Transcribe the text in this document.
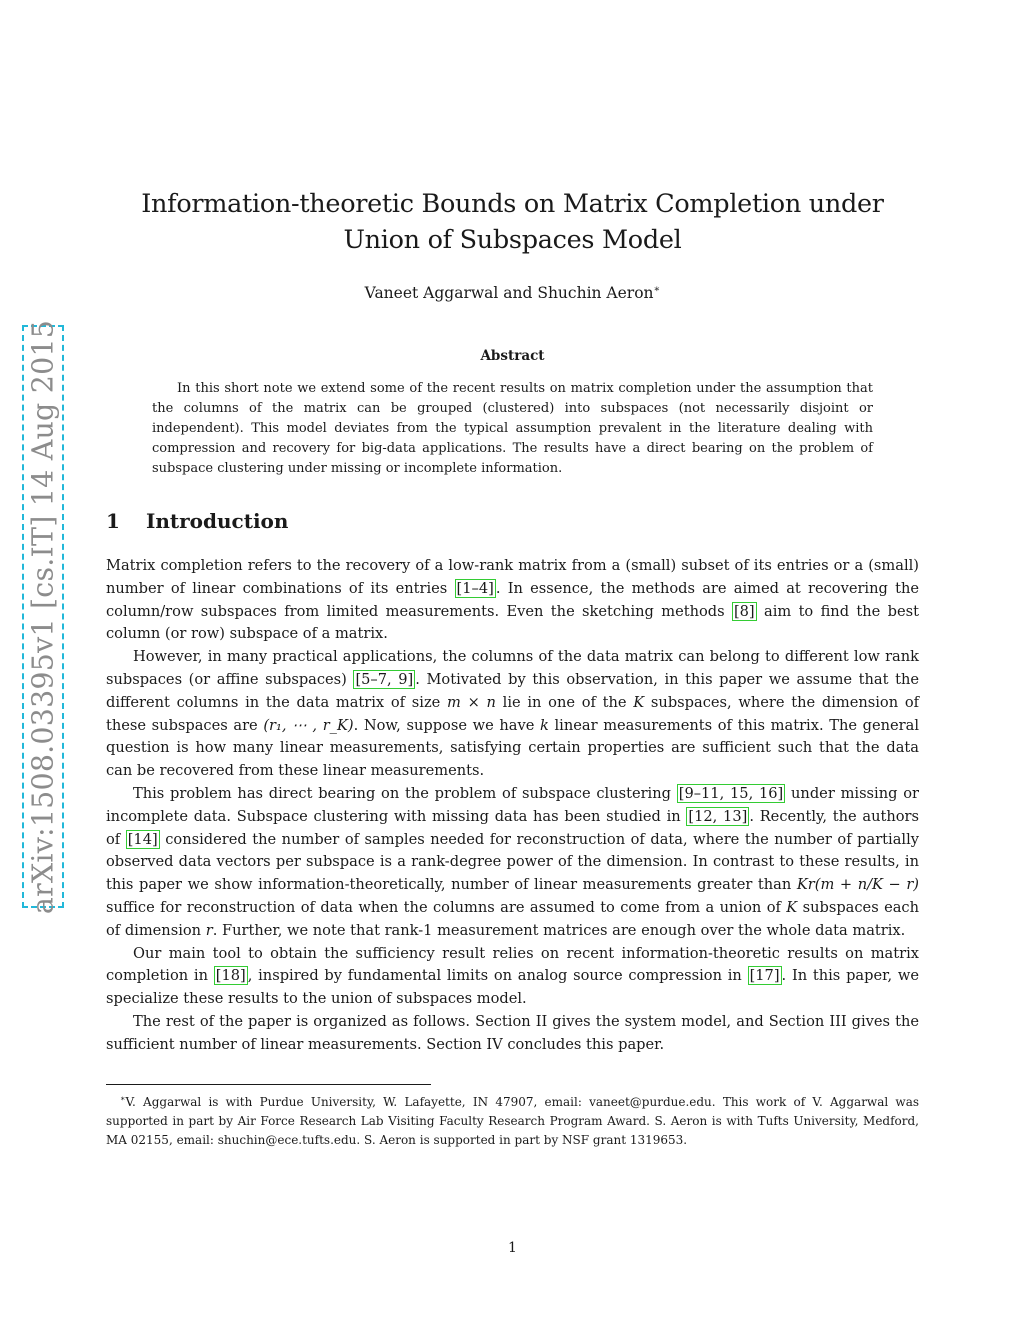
arXiv:1508.03395v1 [cs.IT] 14 Aug 2015
Information-theoretic Bounds on Matrix Completion under Union of Subspaces Model
Vaneet Aggarwal and Shuchin Aeron∗
Abstract

In this short note we extend some of the recent results on matrix completion under the assumption that the columns of the matrix can be grouped (clustered) into subspaces (not necessarily disjoint or independent). This model deviates from the typical assumption prevalent in the literature dealing with compression and recovery for big-data applications. The results have a direct bearing on the problem of subspace clustering under missing or incomplete information.

1 Introduction

Matrix completion refers to the recovery of a low-rank matrix from a (small) subset of its entries or a (small) number of linear combinations of its entries [1–4] . In essence, the methods are aimed at recovering the column/row subspaces from limited measurements. Even the sketching methods [8] aim to find the best column (or row) subspace of a matrix.

However, in many practical applications, the columns of the data matrix can belong to different low rank subspaces (or affine subspaces) [5–7, 9] . Motivated by this observation, in this paper we assume that the different columns in the data matrix of size m × n lie in one of the K subspaces, where the dimension of these subspaces are (r₁, ⋯ , r_K). Now, suppose we have k linear measurements of this matrix. The general question is how many linear measurements, satisfying certain properties are sufficient such that the data can be recovered from these linear measurements.

This problem has direct bearing on the problem of subspace clustering [9–11, 15, 16] under missing or incomplete data. Subspace clustering with missing data has been studied in [12, 13] . Recently, the authors of [14] considered the number of samples needed for reconstruction of data, where the number of partially observed data vectors per subspace is a rank-degree power of the dimension. In contrast to these results, in this paper we show information-theoretically, number of linear measurements greater than Kr(m + n/K − r) suffice for reconstruction of data when the columns are assumed to come from a union of K subspaces each of dimension r. Further, we note that rank-1 measurement matrices are enough over the whole data matrix.

Our main tool to obtain the sufficiency result relies on recent information-theoretic results on matrix completion in [18] , inspired by fundamental limits on analog source compression in [17] . In this paper, we specialize these results to the union of subspaces model.

The rest of the paper is organized as follows. Section II gives the system model, and Section III gives the sufficient number of linear measurements. Section IV concludes this paper.

∗V. Aggarwal is with Purdue University, W. Lafayette, IN 47907, email: vaneet@purdue.edu. This work of V. Aggarwal was supported in part by Air Force Research Lab Visiting Faculty Research Program Award. S. Aeron is with Tufts University, Medford, MA 02155, email: shuchin@ece.tufts.edu. S. Aeron is supported in part by NSF grant 1319653.

1
